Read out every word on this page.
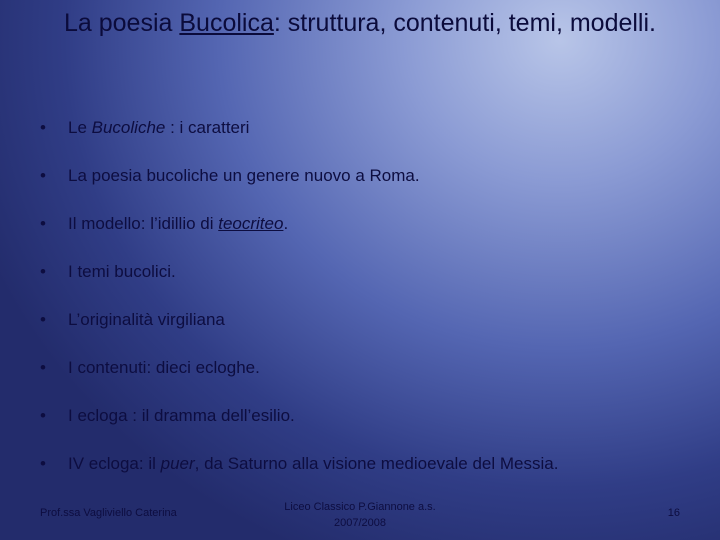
La poesia Bucolica: struttura, contenuti, temi, modelli.
• Le Bucoliche : i caratteri
• La poesia bucoliche un genere nuovo a Roma.
• Il modello: l’idillio di teocriteo.
• I temi bucolici.
• L’originalità virgiliana
• I contenuti: dieci ecloghe.
• I ecloga : il dramma dell’esilio.
• IV ecloga: il puer, da Saturno alla visione medioevale del Messia.
Prof.ssa Vagliviello Caterina	Liceo Classico P.Giannone a.s.
2007/2008
16
